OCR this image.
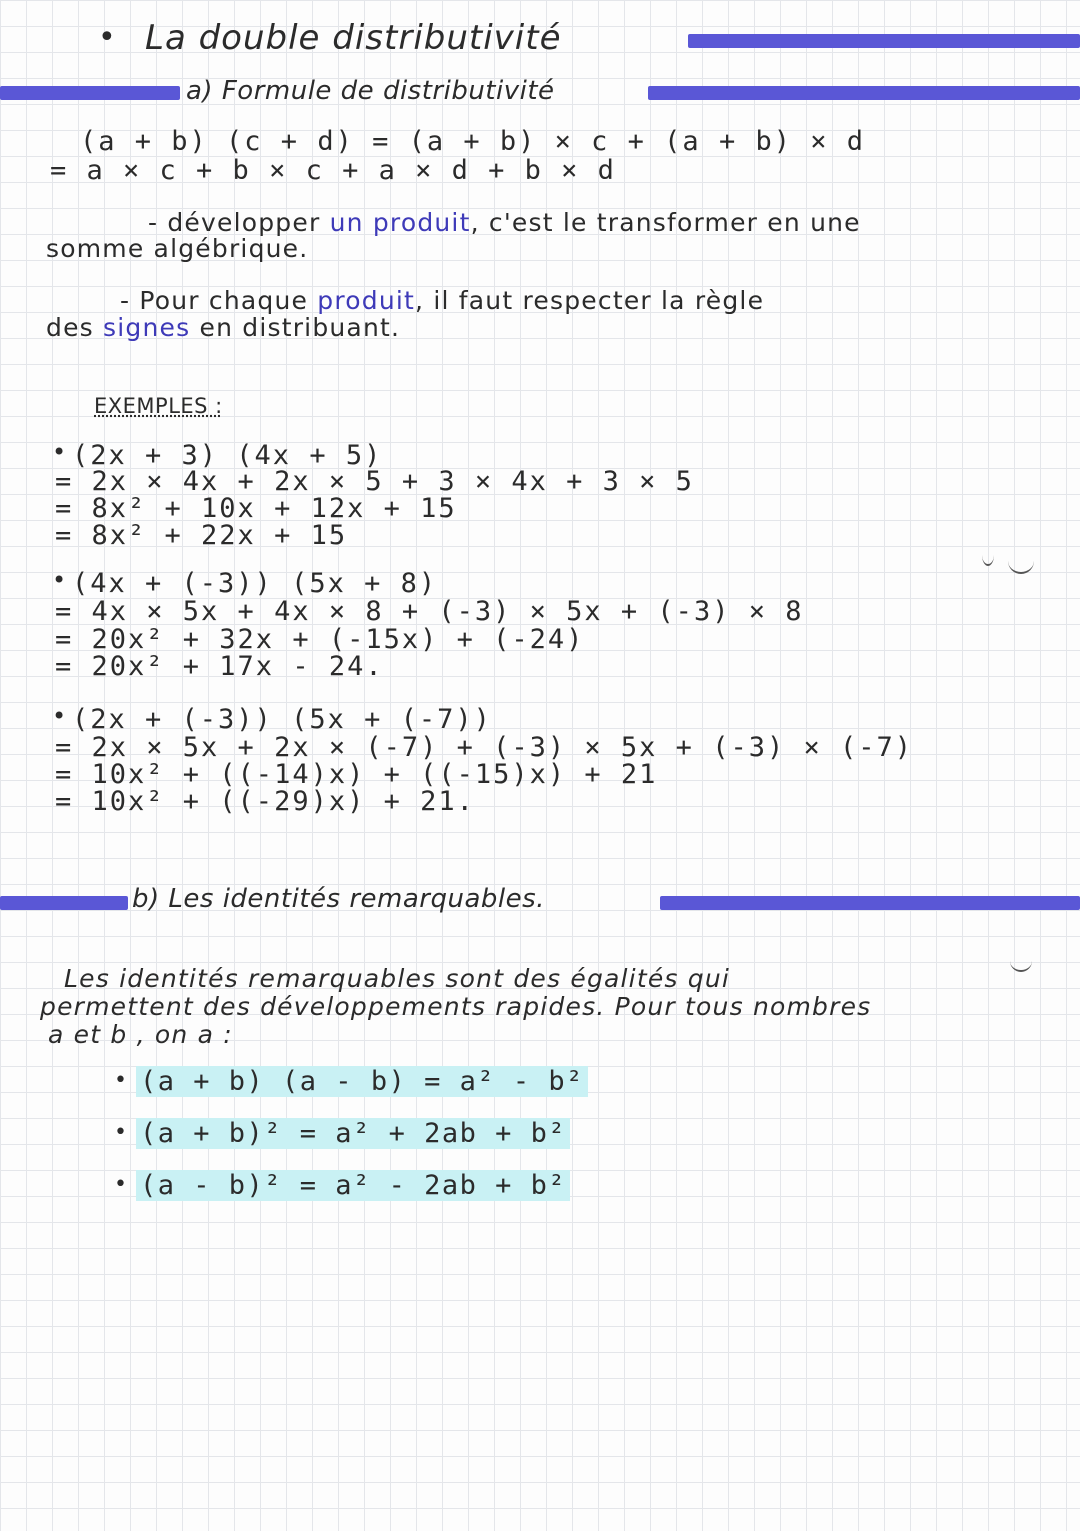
• La double distributivité
a) Formule de distributivité
(a + b) (c + d) = (a + b) × c + (a + b) × d
= a × c + b × c + a × d + b × d
- développer un produit, c'est le transformer en une
somme algébrique.
- Pour chaque produit, il faut respecter la règle
des signes en distribuant.
EXEMPLES :
• (2x + 3) (4x + 5)
= 2x × 4x + 2x × 5 + 3 × 4x + 3 × 5
= 8x² + 10x + 12x + 15
= 8x² + 22x + 15
• (4x + (-3)) (5x + 8)
= 4x × 5x + 4x × 8 + (-3) × 5x + (-3) × 8
= 20x² + 32x + (-15x) + (-24)
= 20x² + 17x - 24.
• (2x + (-3)) (5x + (-7))
= 2x × 5x + 2x × (-7) + (-3) × 5x + (-3) × (-7)
= 10x² + ((-14)x) + ((-15)x) + 21
= 10x² + ((-29)x) + 21.
b) Les identités remarquables.
Les identités remarquables sont des égalités qui
permettent des développements rapides. Pour tous nombres
a et b , on a :
• (a + b) (a - b) = a² - b²
• (a + b)² = a² + 2ab + b²
• (a - b)² = a² - 2ab + b²
